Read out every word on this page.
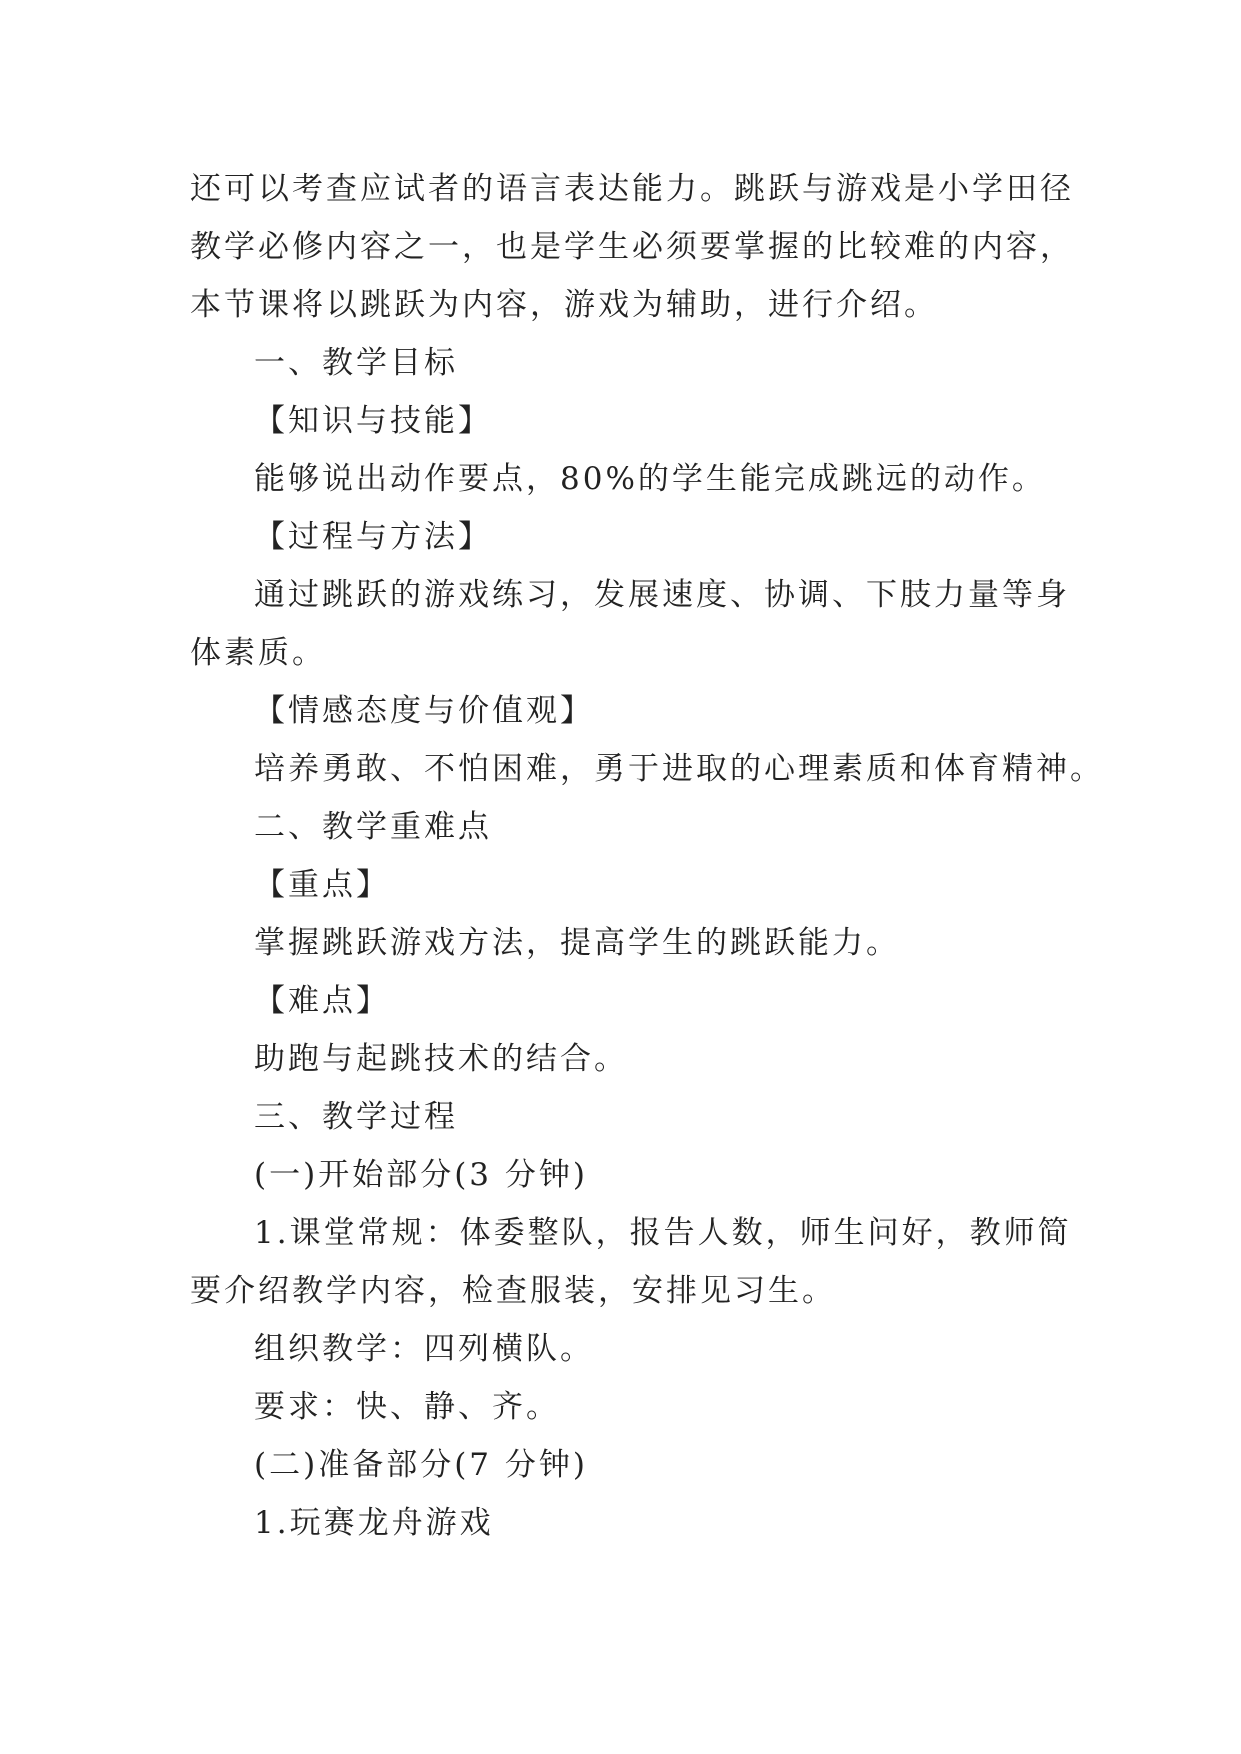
还可以考查应试者的语言表达能力。跳跃与游戏是小学田径

教学必修内容之一，也是学生必须要掌握的比较难的内容，

本节课将以跳跃为内容，游戏为辅助，进行介绍。

一、教学目标

【知识与技能】

能够说出动作要点，80%的学生能完成跳远的动作。

【过程与方法】

通过跳跃的游戏练习，发展速度、协调、下肢力量等身

体素质。

【情感态度与价值观】

培养勇敢、不怕困难，勇于进取的心理素质和体育精神。

二、教学重难点

【重点】

掌握跳跃游戏方法，提高学生的跳跃能力。

【难点】

助跑与起跳技术的结合。

三、教学过程

(一)开始部分(3 分钟)

1.课堂常规：体委整队，报告人数，师生问好，教师简

要介绍教学内容，检查服装，安排见习生。

组织教学：四列横队。

要求：快、静、齐。

(二)准备部分(7 分钟)

1.玩赛龙舟游戏
